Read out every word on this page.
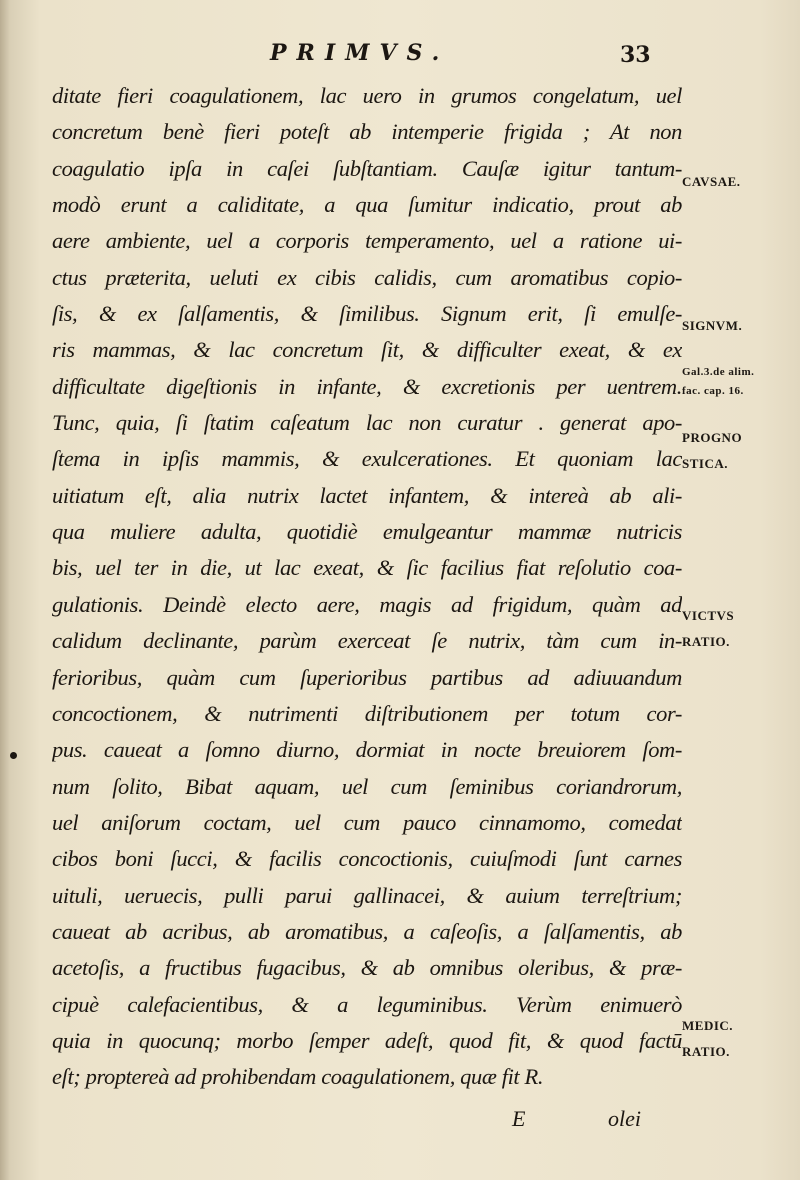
PRIMVS.	33
ditate fieri coagulationem, lac uero in grumos congelatum, uel
concretum benè fieri poteſt ab intemperie frigida ; At non
coagulatio ipſa in caſei ſubſtantiam. Cauſæ igitur tantum-
modò erunt a caliditate, a qua ſumitur indicatio, prout ab
aere ambiente, uel a corporis temperamento, uel a ratione ui-
ctus præterita, ueluti ex cibis calidis, cum aromatibus copio-
ſis, & ex ſalſamentis, & ſimilibus. Signum erit, ſi emulſe-
ris mammas, & lac concretum ſit, & difficulter exeat, & ex
difficultate digeſtionis in infante, & excretionis per uentrem.
Tunc, quia, ſi ſtatim caſeatum lac non curatur . generat apo-
ſtema in ipſis mammis, & exulcerationes. Et quoniam lac
uitiatum eſt, alia nutrix lactet infantem, & intereà ab ali-
qua muliere adulta, quotidiè emulgeantur mammæ nutricis
bis, uel ter in die, ut lac exeat, & ſic facilius fiat reſolutio coa-
gulationis. Deindè electo aere, magis ad frigidum, quàm ad
calidum declinante, parùm exerceat ſe nutrix, tàm cum in-
ferioribus, quàm cum ſuperioribus partibus ad adiuuandum
concoctionem, & nutrimenti diſtributionem per totum cor-
pus. caueat a ſomno diurno, dormiat in nocte breuiorem ſom-
num ſolito, Bibat aquam, uel cum ſeminibus coriandrorum,
uel aniſorum coctam, uel cum pauco cinnamomo, comedat
cibos boni ſucci, & facilis concoctionis, cuiuſmodi ſunt carnes
uituli, ueruecis, pulli parui gallinacei, & auium terreſtrium;
caueat ab acribus, ab aromatibus, a caſeoſis, a ſalſamentis, ab
acetoſis, a fructibus fugacibus, & ab omnibus oleribus, & præ-
cipuè calefacientibus, & a leguminibus. Verùm enimuerò
quia in quocunq; morbo ſemper adeſt, quod fit, & quod factū
eſt; proptereà ad prohibendam coagulationem, quæ fit R.
CAVSAE.
SIGNVM.
Gal.3.de alim.
fac. cap. 16.
PROGNO
STICA.
VICTVS
RATIO.
MEDIC.
RATIO.
E	olei
